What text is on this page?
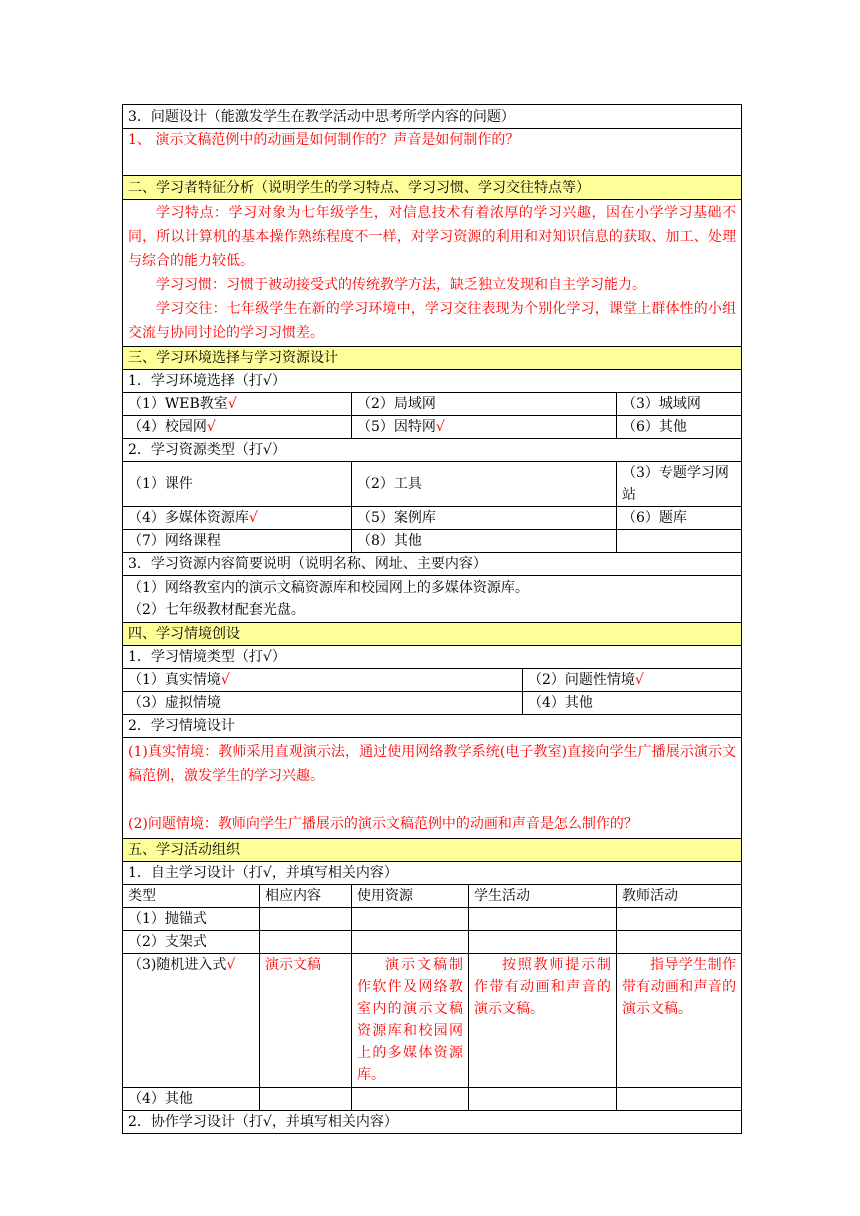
3．问题设计（能激发学生在教学活动中思考所学内容的问题）					
1、 演示文稿范例中的动画是如何制作的？声音是如何制作的？					
二、学习者特征分析（说明学生的学习特点、学习习惯、学习交往特点等）					

学习特点：学习对象为七年级学生，对信息技术有着浓厚的学习兴趣，因在小学学习基础不同，所以计算机的基本操作熟练程度不一样，对学习资源的利用和对知识信息的获取、加工、处理与综合的能力较低。

学习习惯：习惯于被动接受式的传统教学方法，缺乏独立发现和自主学习能力。

学习交往：七年级学生在新的学习环境中，学习交往表现为个别化学习，课堂上群体性的小组交流与协同讨论的学习习惯差。					

三、学习环境选择与学习资源设计					
1．学习环境选择（打√）					
（1）WEB教室√		（2）局域网			（3）城域网
（4）校园网√		（5）因特网√			（6）其他
2．学习资源类型（打√）					
（1）课件		（2）工具			（3）专题学习网站
（4）多媒体资源库√		（5）案例库			（6）题库
（7）网络课程		（8）其他			
3．学习资源内容简要说明（说明名称、网址、主要内容）					

（1）网络教室内的演示文稿资源库和校园网上的多媒体资源库。

（2）七年级教材配套光盘。					

四、学习情境创设					
1．学习情境类型（打√）					
（1）真实情境√				（2）问题性情境√	
（3）虚拟情境				（4）其他	
2．学习情境设计					

(1)真实情境：教师采用直观演示法，通过使用网络教学系统(电子教室)直接向学生广播展示演示文稿范例，激发学生的学习兴趣。

(2)问题情境：教师向学生广播展示的演示文稿范例中的动画和声音是怎么制作的？					

五、学习活动组织					
1．自主学习设计（打√，并填写相关内容）					
类型	相应内容	使用资源	学生活动		教师活动
（1）抛锚式					
（2）支架式					
（3)随机进入式√	演示文稿	演示文稿制作软件及网络教室内的演示文稿资源库和校园网上的多媒体资源库。	按照教师提示制作带有动画和声音的演示文稿。		指导学生制作带有动画和声音的演示文稿。
（4）其他					
2．协作学习设计（打√，并填写相关内容）					
